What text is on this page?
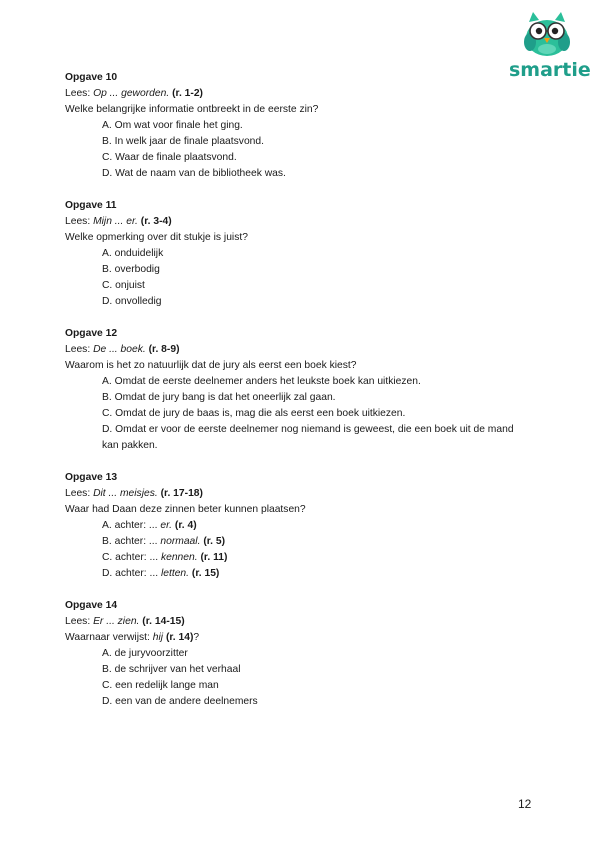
smartie
Opgave 10
Lees: Op ... geworden. (r. 1-2)
Welke belangrijke informatie ontbreekt in de eerste zin?
A. Om wat voor finale het ging.
B. In welk jaar de finale plaatsvond.
C. Waar de finale plaatsvond.
D. Wat de naam van de bibliotheek was.
Opgave 11
Lees: Mijn ... er. (r. 3-4)
Welke opmerking over dit stukje is juist?
A. onduidelijk
B. overbodig
C. onjuist
D. onvolledig
Opgave 12
Lees: De ... boek. (r. 8-9)
Waarom is het zo natuurlijk dat de jury als eerst een boek kiest?
A. Omdat de eerste deelnemer anders het leukste boek kan uitkiezen.
B. Omdat de jury bang is dat het oneerlijk zal gaan.
C. Omdat de jury de baas is, mag die als eerst een boek uitkiezen.
D. Omdat er voor de eerste deelnemer nog niemand is geweest, die een boek uit de mand kan pakken.
Opgave 13
Lees: Dit ... meisjes. (r. 17-18)
Waar had Daan deze zinnen beter kunnen plaatsen?
A. achter: ... er. (r. 4)
B. achter: ... normaal. (r. 5)
C. achter: ... kennen. (r. 11)
D. achter: ... letten. (r. 15)
Opgave 14
Lees: Er ... zien. (r. 14-15)
Waarnaar verwijst: hij (r. 14)?
A. de juryvoorzitter
B. de schrijver van het verhaal
C. een redelijk lange man
D. een van de andere deelnemers
12
